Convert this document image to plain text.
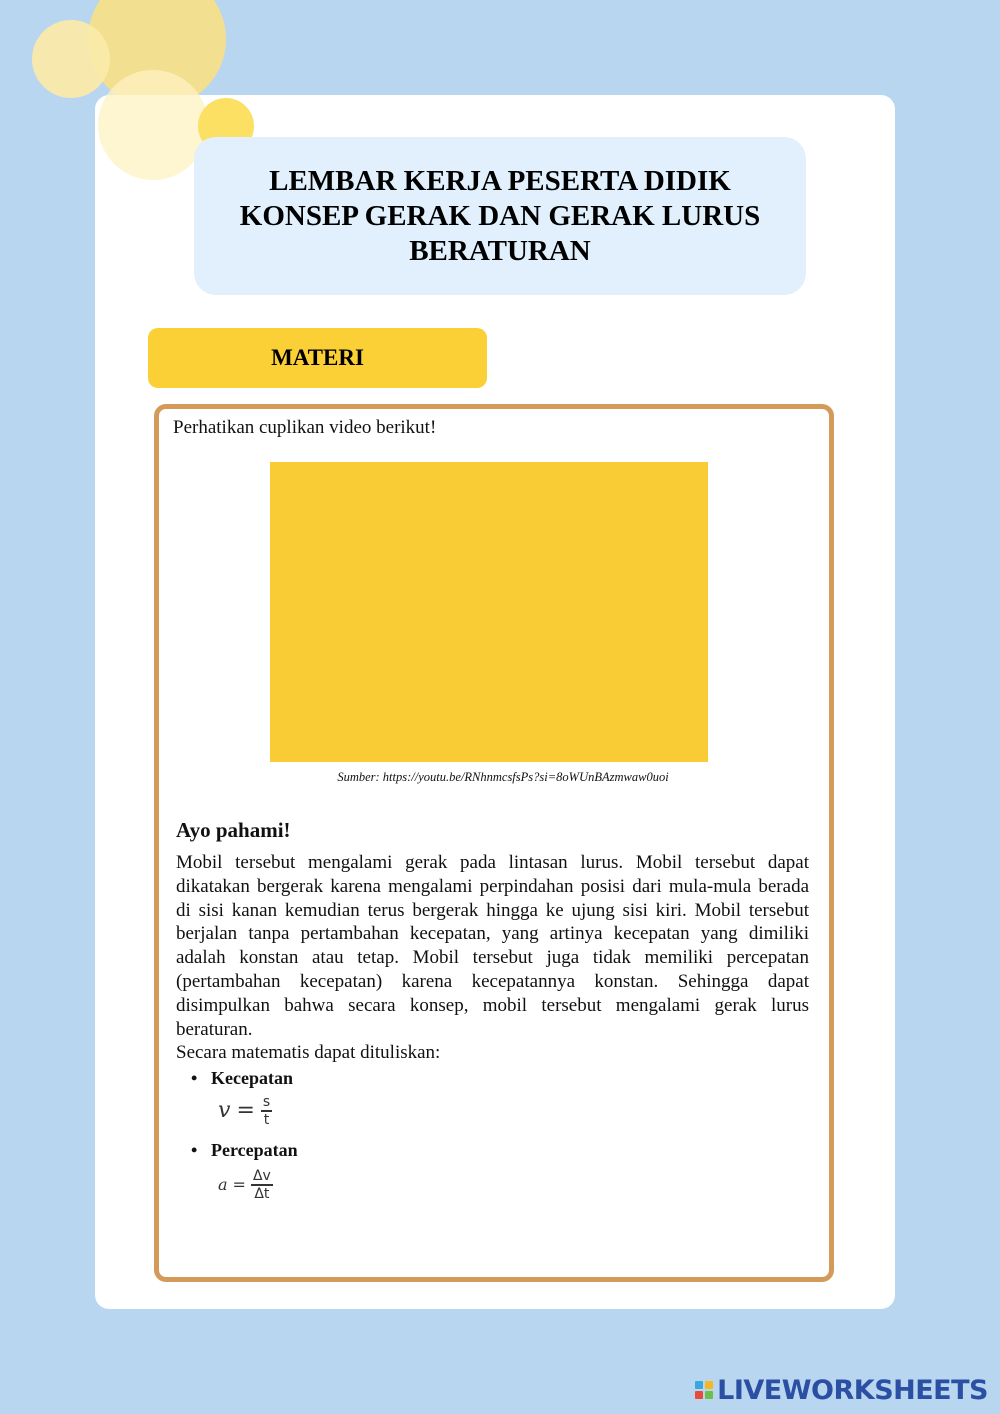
LEMBAR KERJA PESERTA DIDIK
KONSEP GERAK DAN GERAK LURUS
BERATURAN
MATERI
Perhatikan cuplikan video berikut!
Sumber: https://youtu.be/RNhnmcsfsPs?si=8oWUnBAzmwaw0uoi
Ayo pahami!
Mobil tersebut mengalami gerak pada lintasan lurus. Mobil tersebut dapat dikatakan bergerak karena mengalami perpindahan posisi dari mula-mula berada di sisi kanan kemudian terus bergerak hingga ke ujung sisi kiri. Mobil tersebut berjalan tanpa pertambahan kecepatan, yang artinya kecepatan yang dimiliki adalah konstan atau tetap. Mobil tersebut juga tidak memiliki percepatan (pertambahan kecepatan) karena kecepatannya konstan. Sehingga dapat disimpulkan bahwa secara konsep, mobil tersebut mengalami gerak lurus beraturan.
Secara matematis dapat dituliskan:
• Kecepatan
$v = \frac{s}{t}$
• Percepatan
$a = \frac{\Delta v}{\Delta t}$
LIVEWORKSHEETS
